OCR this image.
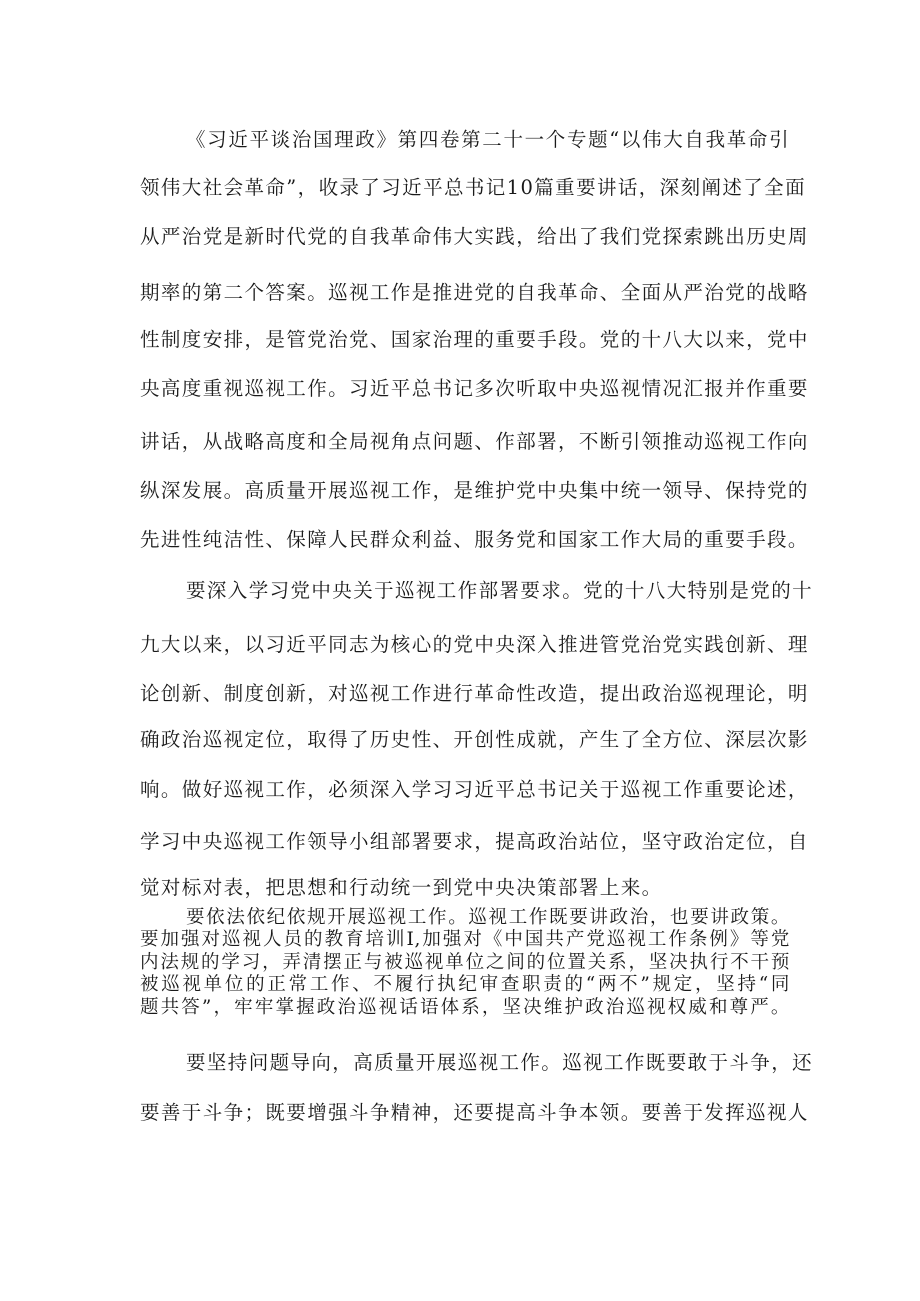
《习近平谈治国理政》第四卷第二十一个专题“以伟大自我革命引
领伟大社会革命”，收录了习近平总书记10篇重要讲话，深刻阐述了全面
从严治党是新时代党的自我革命伟大实践，给出了我们党探索跳出历史周
期率的第二个答案。巡视工作是推进党的自我革命、全面从严治党的战略
性制度安排，是管党治党、国家治理的重要手段。党的十八大以来，党中
央高度重视巡视工作。习近平总书记多次听取中央巡视情况汇报并作重要
讲话，从战略高度和全局视角点问题、作部署，不断引领推动巡视工作向
纵深发展。高质量开展巡视工作，是维护党中央集中统一领导、保持党的
先进性纯洁性、保障人民群众利益、服务党和国家工作大局的重要手段。
要深入学习党中央关于巡视工作部署要求。党的十八大特别是党的十
九大以来，以习近平同志为核心的党中央深入推进管党治党实践创新、理
论创新、制度创新，对巡视工作进行革命性改造，提出政治巡视理论，明
确政治巡视定位，取得了历史性、开创性成就，产生了全方位、深层次影
响。做好巡视工作，必须深入学习习近平总书记关于巡视工作重要论述，
学习中央巡视工作领导小组部署要求，提高政治站位，坚守政治定位，自
觉对标对表，把思想和行动统一到党中央决策部署上来。
要依法依纪依规开展巡视工作。巡视工作既要讲政治，也要讲政策。
要加强对巡视人员的教育培训I,加强对《中国共产党巡视工作条例》等党
内法规的学习，弄清摆正与被巡视单位之间的位置关系，坚决执行不干预
被巡视单位的正常工作、不履行执纪审查职责的“两不”规定，坚持“同
题共答”，牢牢掌握政治巡视话语体系，坚决维护政治巡视权威和尊严。
要坚持问题导向，高质量开展巡视工作。巡视工作既要敢于斗争，还
要善于斗争；既要增强斗争精神，还要提高斗争本领。要善于发挥巡视人
